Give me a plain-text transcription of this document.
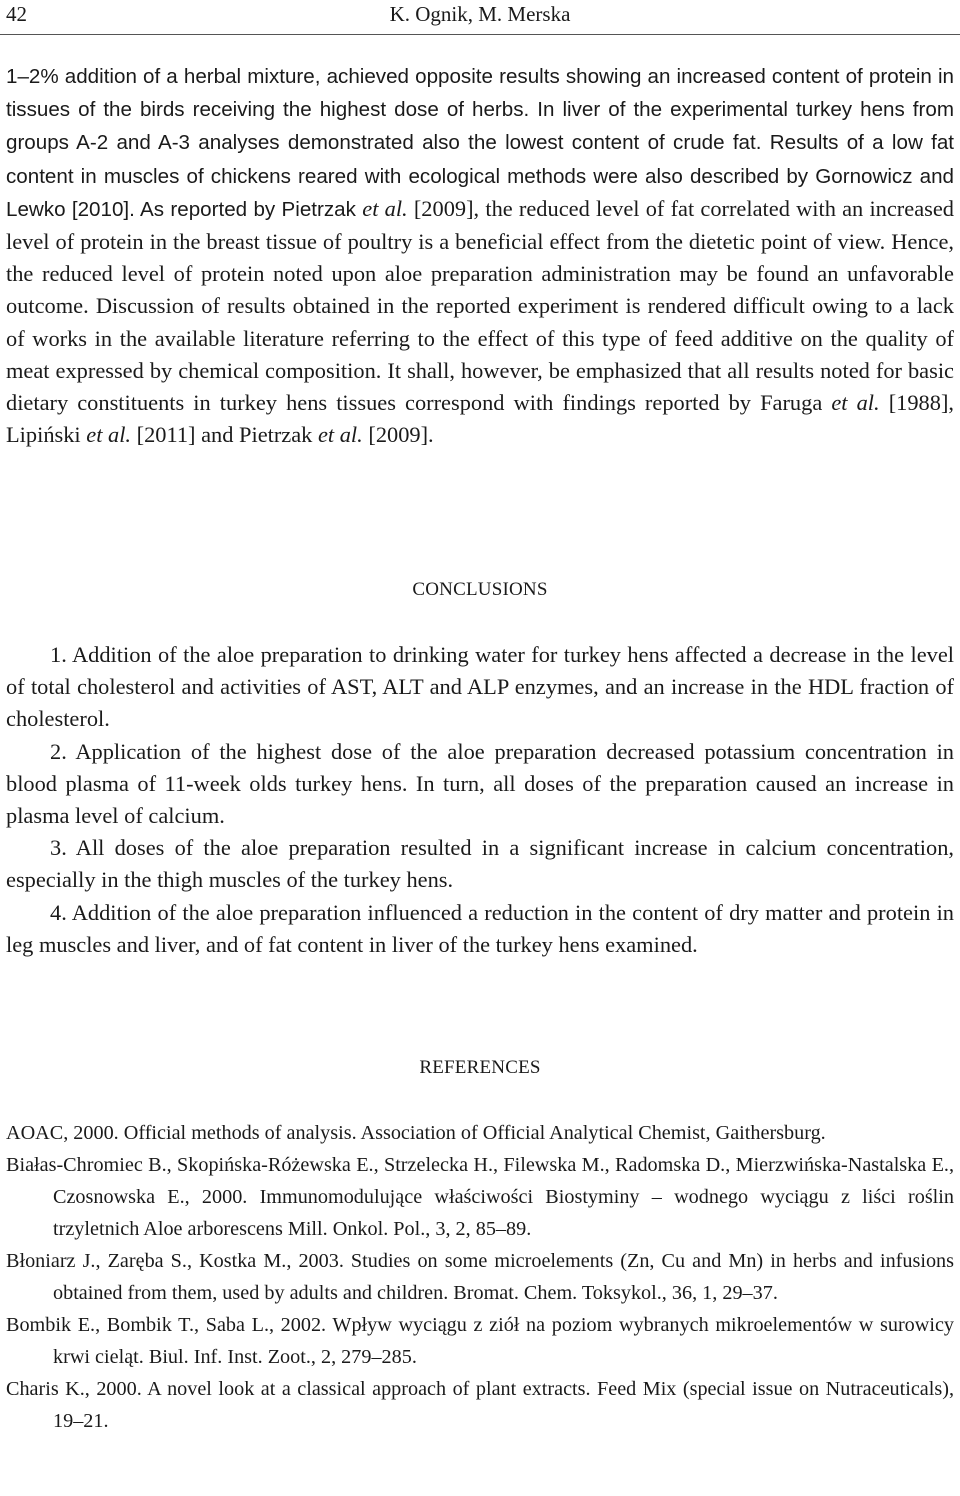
42	K. Ognik, M. Merska

1–2% addition of a herbal mixture, achieved opposite results showing an increased content of protein in tissues of the birds receiving the highest dose of herbs. In liver of the experimental turkey hens from groups A-2 and A-3 analyses demonstrated also the lowest content of crude fat. Results of a low fat content in muscles of chickens reared with ecological methods were also described by Gornowicz and Lewko [2010]. As reported by Pietrzak et al. [2009], the reduced level of fat correlated with an increased level of protein in the breast tissue of poultry is a beneficial effect from the dietetic point of view. Hence, the reduced level of protein noted upon aloe preparation administration may be found an unfavorable outcome. Discussion of results obtained in the reported experiment is rendered difficult owing to a lack of works in the available literature referring to the effect of this type of feed additive on the quality of meat expressed by chemical composition. It shall, however, be emphasized that all results noted for basic dietary constituents in turkey hens tissues correspond with findings reported by Faruga et al. [1988], Lipiński et al. [2011] and Pietrzak et al. [2009].

CONCLUSIONS

1. Addition of the aloe preparation to drinking water for turkey hens affected a decrease in the level of total cholesterol and activities of AST, ALT and ALP enzymes, and an increase in the HDL fraction of cholesterol.

2. Application of the highest dose of the aloe preparation decreased potassium concentration in blood plasma of 11-week olds turkey hens. In turn, all doses of the preparation caused an increase in plasma level of calcium.

3. All doses of the aloe preparation resulted in a significant increase in calcium concentration, especially in the thigh muscles of the turkey hens.

4. Addition of the aloe preparation influenced a reduction in the content of dry matter and protein in leg muscles and liver, and of fat content in liver of the turkey hens examined.

REFERENCES

AOAC, 2000. Official methods of analysis. Association of Official Analytical Chemist, Gaithersburg.

Białas-Chromiec B., Skopińska-Różewska E., Strzelecka H., Filewska M., Radomska D., Mierzwińska-Nastalska E., Czosnowska E., 2000. Immunomodulujące właściwości Biostyminy – wodnego wyciągu z liści roślin trzyletnich Aloe arborescens Mill. Onkol. Pol., 3, 2, 85–89.

Błoniarz J., Zaręba S., Kostka M., 2003. Studies on some microelements (Zn, Cu and Mn) in herbs and infusions obtained from them, used by adults and children. Bromat. Chem. Toksykol., 36, 1, 29–37.

Bombik E., Bombik T., Saba L., 2002. Wpływ wyciągu z ziół na poziom wybranych mikroelementów w surowicy krwi cieląt. Biul. Inf. Inst. Zoot., 2, 279–285.

Charis K., 2000. A novel look at a classical approach of plant extracts. Feed Mix (special issue on Nutraceuticals), 19–21.
